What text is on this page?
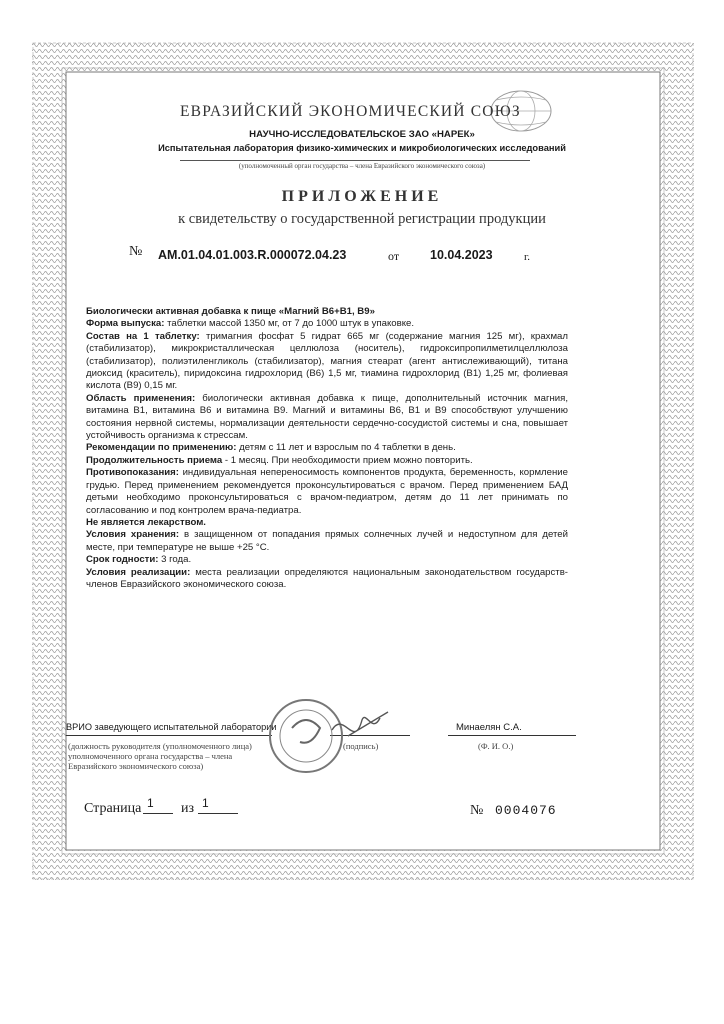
ЕВРАЗИЙСКИЙ ЭКОНОМИЧЕСКИЙ СОЮЗ
НАУЧНО-ИССЛЕДОВАТЕЛЬСКОЕ ЗАО «НАРЕК»
Испытательная лаборатория физико-химических и микробиологических исследований
(уполномоченный орган государства – члена Евразийского экономического союза)
ПРИЛОЖЕНИЕ
к свидетельству о государственной регистрации продукции
№ AM.01.04.01.003.R.000072.04.23	от 10.04.2023	г.

Биологически активная добавка к пище «Магний B6+B1, B9»

Форма выпуска: таблетки массой 1350 мг, от 7 до 1000 штук в упаковке.

Состав на 1 таблетку: тримагния фосфат 5 гидрат 665 мг (содержание магния 125 мг), крахмал (стабилизатор), микрокристаллическая целлюлоза (носитель), гидроксипропилметилцеллюлоза (стабилизатор), полиэтиленгликоль (стабилизатор), магния стеарат (агент антислеживающий), титана диоксид (краситель), пиридоксина гидрохлорид (B6) 1,5 мг, тиамина гидрохлорид (B1) 1,25 мг, фолиевая кислота (B9) 0,15 мг.

Область применения: биологически активная добавка к пище, дополнительный источник магния, витамина B1, витамина B6 и витамина B9. Магний и витамины B6, B1 и B9 способствуют улучшению состояния нервной системы, нормализации деятельности сердечно-сосудистой системы и сна, повышает устойчивость организма к стрессам.

Рекомендации по применению: детям с 11 лет и взрослым по 4 таблетки в день.

Продолжительность приема - 1 месяц. При необходимости прием можно повторить.

Противопоказания: индивидуальная непереносимость компонентов продукта, беременность, кормление грудью. Перед применением рекомендуется проконсультироваться с врачом. Перед применением БАД детьми необходимо проконсультироваться с врачом-педиатром, детям до 11 лет принимать по согласованию и под контролем врача-педиатра.

Не является лекарством.

Условия хранения: в защищенном от попадания прямых солнечных лучей и недоступном для детей месте, при температуре не выше +25 °C.

Срок годности: 3 года.

Условия реализации: места реализации определяются национальным законодательством государств-членов Евразийского экономического союза.

ВРИО заведующего испытательной лаборатории
(должность руководителя (уполномоченного лица) уполномоченного органа государства – члена Евразийского экономического союза)
(подпись)
Минаелян С.А.
(Ф. И. О.)
Страница 1 из 1	№ 0004076
